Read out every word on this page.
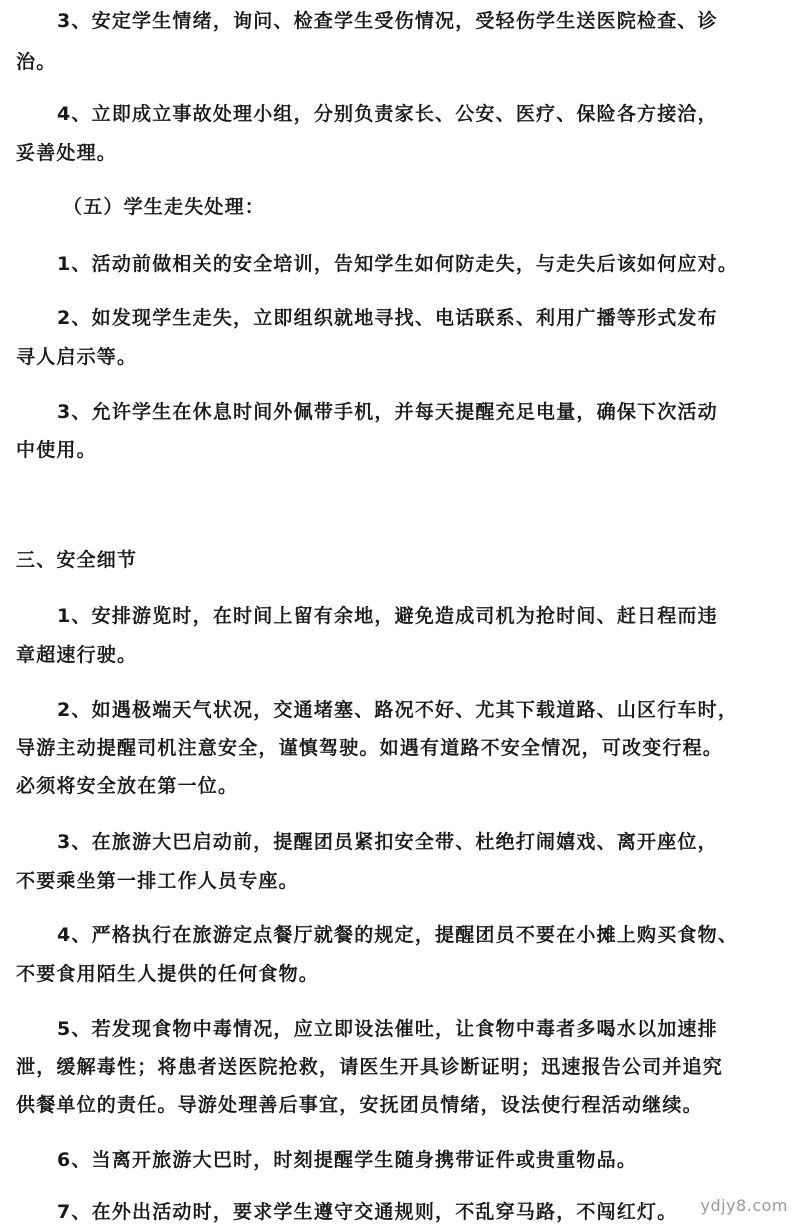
3、安定学生情绪，询问、检查学生受伤情况，受轻伤学生送医院检查、诊
治。
4、立即成立事故处理小组，分别负责家长、公安、医疗、保险各方接洽，
妥善处理。
（五）学生走失处理：
1、活动前做相关的安全培训，告知学生如何防走失，与走失后该如何应对。
2、如发现学生走失，立即组织就地寻找、电话联系、利用广播等形式发布
寻人启示等。
3、允许学生在休息时间外佩带手机，并每天提醒充足电量，确保下次活动
中使用。
三、安全细节
1、安排游览时，在时间上留有余地，避免造成司机为抢时间、赶日程而违
章超速行驶。
2、如遇极端天气状况，交通堵塞、路况不好、尤其下载道路、山区行车时，
导游主动提醒司机注意安全，谨慎驾驶。如遇有道路不安全情况，可改变行程。
必须将安全放在第一位。
3、在旅游大巴启动前，提醒团员紧扣安全带、杜绝打闹嬉戏、离开座位，
不要乘坐第一排工作人员专座。
4、严格执行在旅游定点餐厅就餐的规定，提醒团员不要在小摊上购买食物、
不要食用陌生人提供的任何食物。
5、若发现食物中毒情况，应立即设法催吐，让食物中毒者多喝水以加速排
泄，缓解毒性；将患者送医院抢救，请医生开具诊断证明；迅速报告公司并追究
供餐单位的责任。导游处理善后事宜，安抚团员情绪，设法使行程活动继续。
6、当离开旅游大巴时，时刻提醒学生随身携带证件或贵重物品。
7、在外出活动时，要求学生遵守交通规则，不乱穿马路，不闯红灯。 ydjy8.com
